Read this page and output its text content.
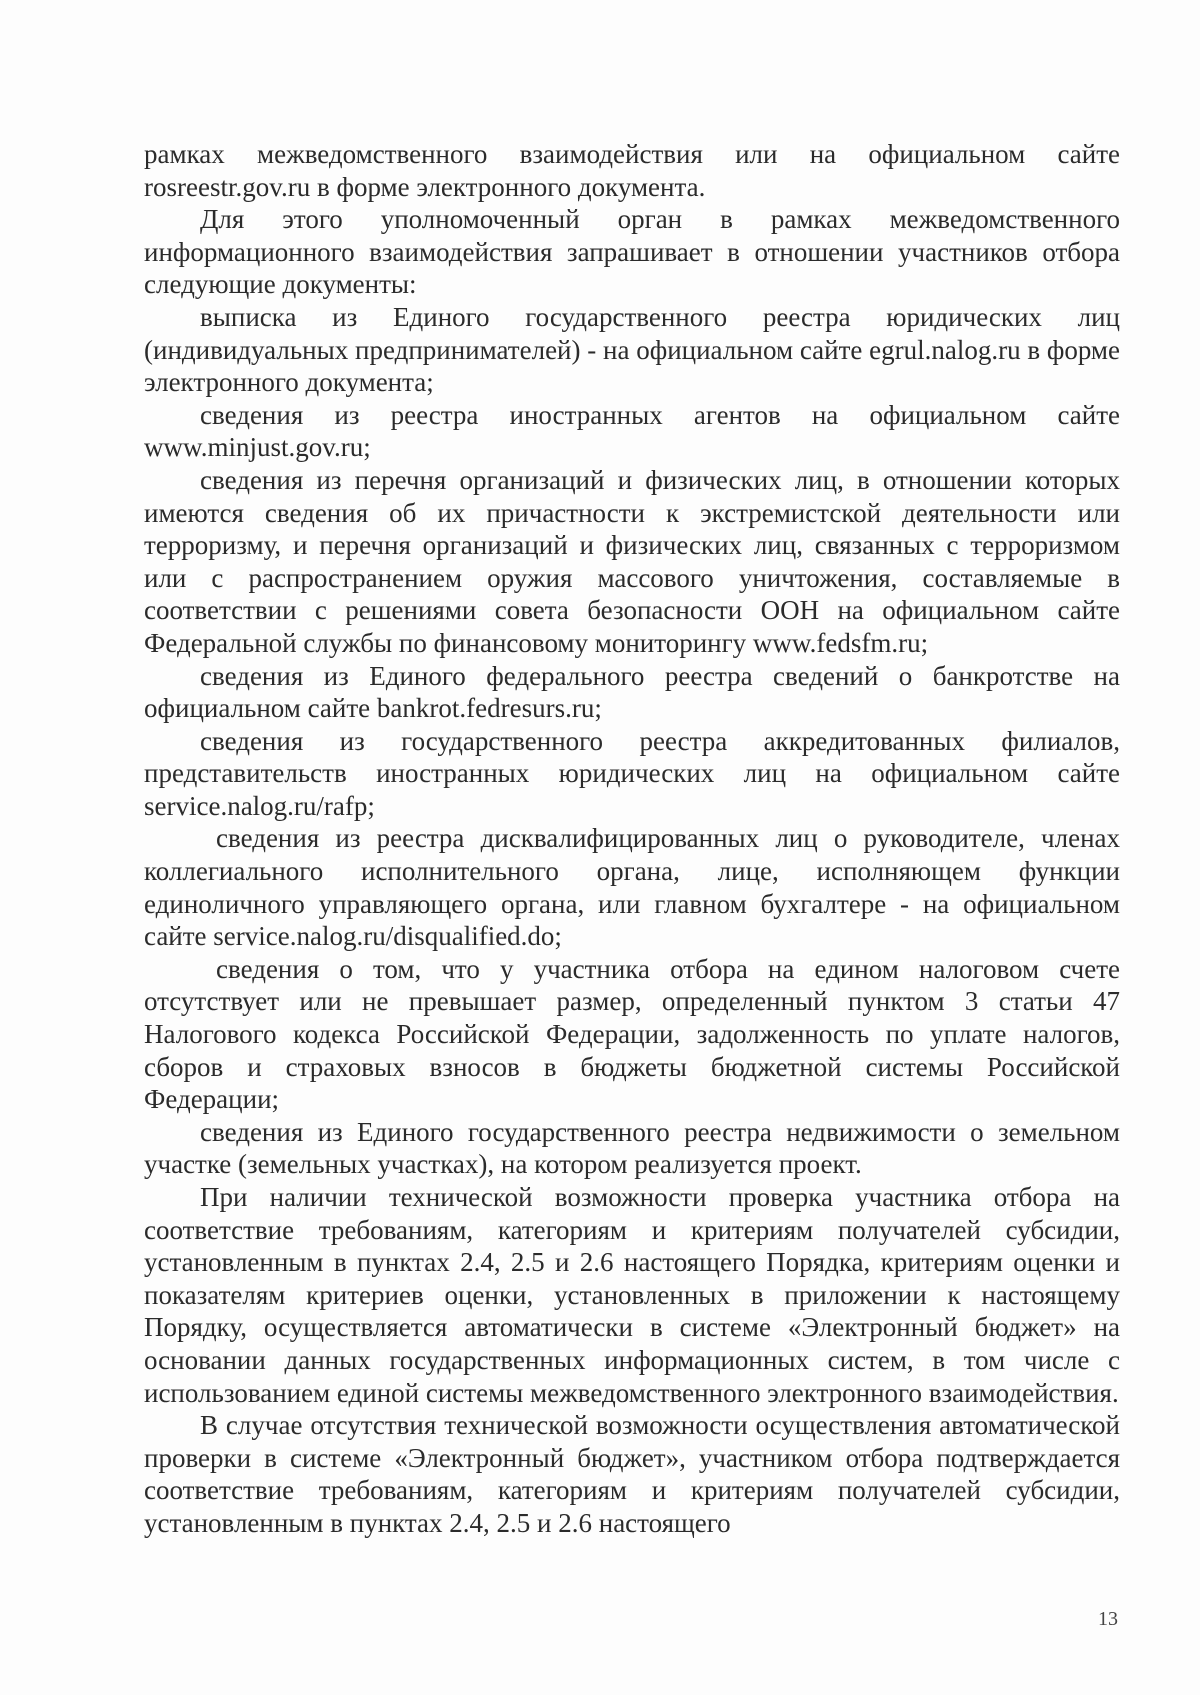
рамках межведомственного взаимодействия или на официальном сайте rosreestr.gov.ru в форме электронного документа.

Для этого уполномоченный орган в рамках межведомственного информационного взаимодействия запрашивает в отношении участников отбора следующие документы:

выписка из Единого государственного реестра юридических лиц (индивидуальных предпринимателей) - на официальном сайте egrul.nalog.ru в форме электронного документа;

сведения из реестра иностранных агентов на официальном сайте www.minjust.gov.ru;

сведения из перечня организаций и физических лиц, в отношении которых имеются сведения об их причастности к экстремистской деятельности или терроризму, и перечня организаций и физических лиц, связанных с терроризмом или с распространением оружия массового уничтожения, составляемые в соответствии с решениями совета безопасности ООН на официальном сайте Федеральной службы по финансовому мониторингу www.fedsfm.ru;

сведения из Единого федерального реестра сведений о банкротстве на официальном сайте bankrot.fedresurs.ru;

сведения из государственного реестра аккредитованных филиалов, представительств иностранных юридических лиц на официальном сайте service.nalog.ru/rafp;

сведения из реестра дисквалифицированных лиц о руководителе, членах коллегиального исполнительного органа, лице, исполняющем функции единоличного управляющего органа, или главном бухгалтере - на официальном сайте service.nalog.ru/disqualified.do;

сведения о том, что у участника отбора на едином налоговом счете отсутствует или не превышает размер, определенный пунктом 3 статьи 47 Налогового кодекса Российской Федерации, задолженность по уплате налогов, сборов и страховых взносов в бюджеты бюджетной системы Российской Федерации;

сведения из Единого государственного реестра недвижимости о земельном участке (земельных участках), на котором реализуется проект.

При наличии технической возможности проверка участника отбора на соответствие требованиям, категориям и критериям получателей субсидии, установленным в пунктах 2.4, 2.5 и 2.6 настоящего Порядка, критериям оценки и показателям критериев оценки, установленных в приложении к настоящему Порядку, осуществляется автоматически в системе «Электронный бюджет» на основании данных государственных информационных систем, в том числе с использованием единой системы межведомственного электронного взаимодействия.

В случае отсутствия технической возможности осуществления автоматической проверки в системе «Электронный бюджет», участником отбора подтверждается соответствие требованиям, категориям и критериям получателей субсидии, установленным в пунктах 2.4, 2.5 и 2.6 настоящего

13
